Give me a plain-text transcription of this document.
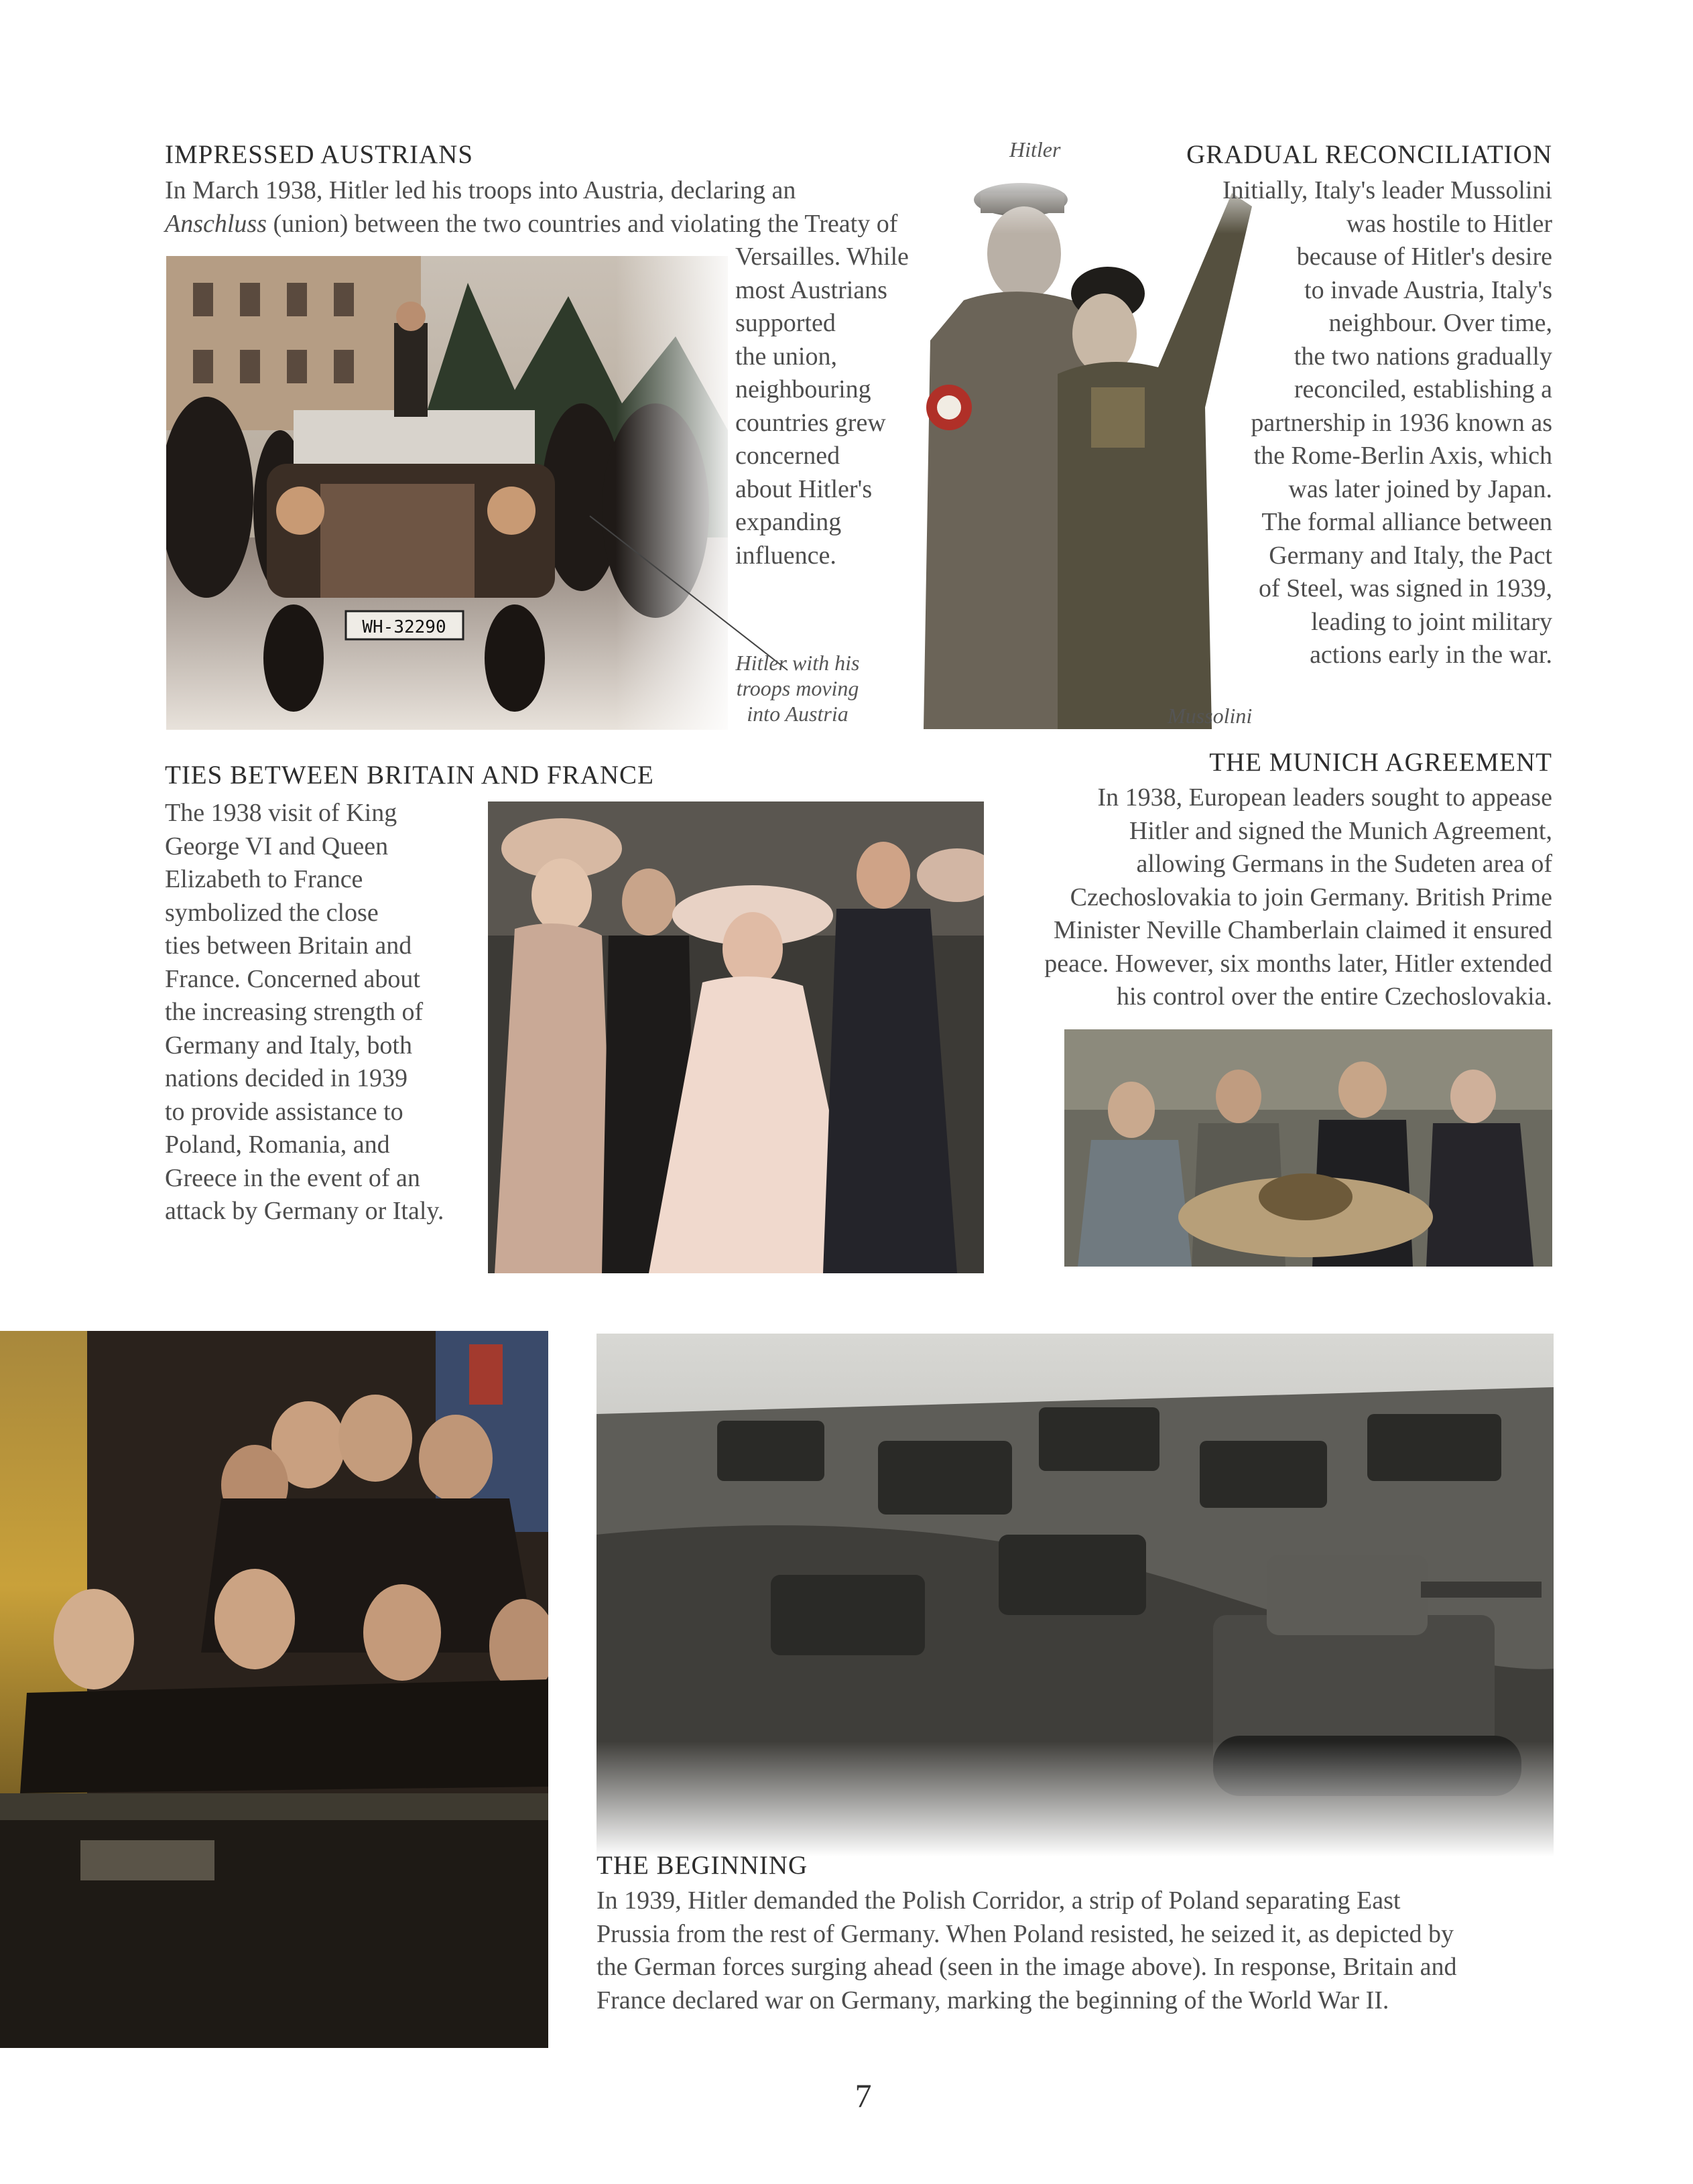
IMPRESSED AUSTRIANS
In March 1938, Hitler led his troops into Austria, declaring an
Anschluss (union) between the two countries and violating the Treaty of
Versailles. While
most Austrians
supported
the union,
neighbouring
countries grew
concerned
about Hitler's
expanding
influence.
Hitler with his
troops moving
into Austria
Hitler
Mussolini
GRADUAL RECONCILIATION
Initially, Italy's leader Mussolini
was hostile to Hitler
because of Hitler's desire
to invade Austria, Italy's
neighbour. Over time,
the two nations gradually
reconciled, establishing a
partnership in 1936 known as
the Rome-Berlin Axis, which
was later joined by Japan.
The formal alliance between
Germany and Italy, the Pact
of Steel, was signed in 1939,
leading to joint military
actions early in the war.
TIES BETWEEN BRITAIN AND FRANCE
The 1938 visit of King
George VI and Queen
Elizabeth to France
symbolized the close
ties between Britain and
France. Concerned about
the increasing strength of
Germany and Italy, both
nations decided in 1939
to provide assistance to
Poland, Romania, and
Greece in the event of an
attack by Germany or Italy.
THE MUNICH AGREEMENT
In 1938, European leaders sought to appease
Hitler and signed the Munich Agreement,
allowing Germans in the Sudeten area of
Czechoslovakia to join Germany. British Prime
Minister Neville Chamberlain claimed it ensured
peace. However, six months later, Hitler extended
his control over the entire Czechoslovakia.
THE BEGINNING
In 1939, Hitler demanded the Polish Corridor, a strip of Poland separating East
Prussia from the rest of Germany. When Poland resisted, he seized it, as depicted by
the German forces surging ahead (seen in the image above). In response, Britain and
France declared war on Germany, marking the beginning of the World War II.
7
